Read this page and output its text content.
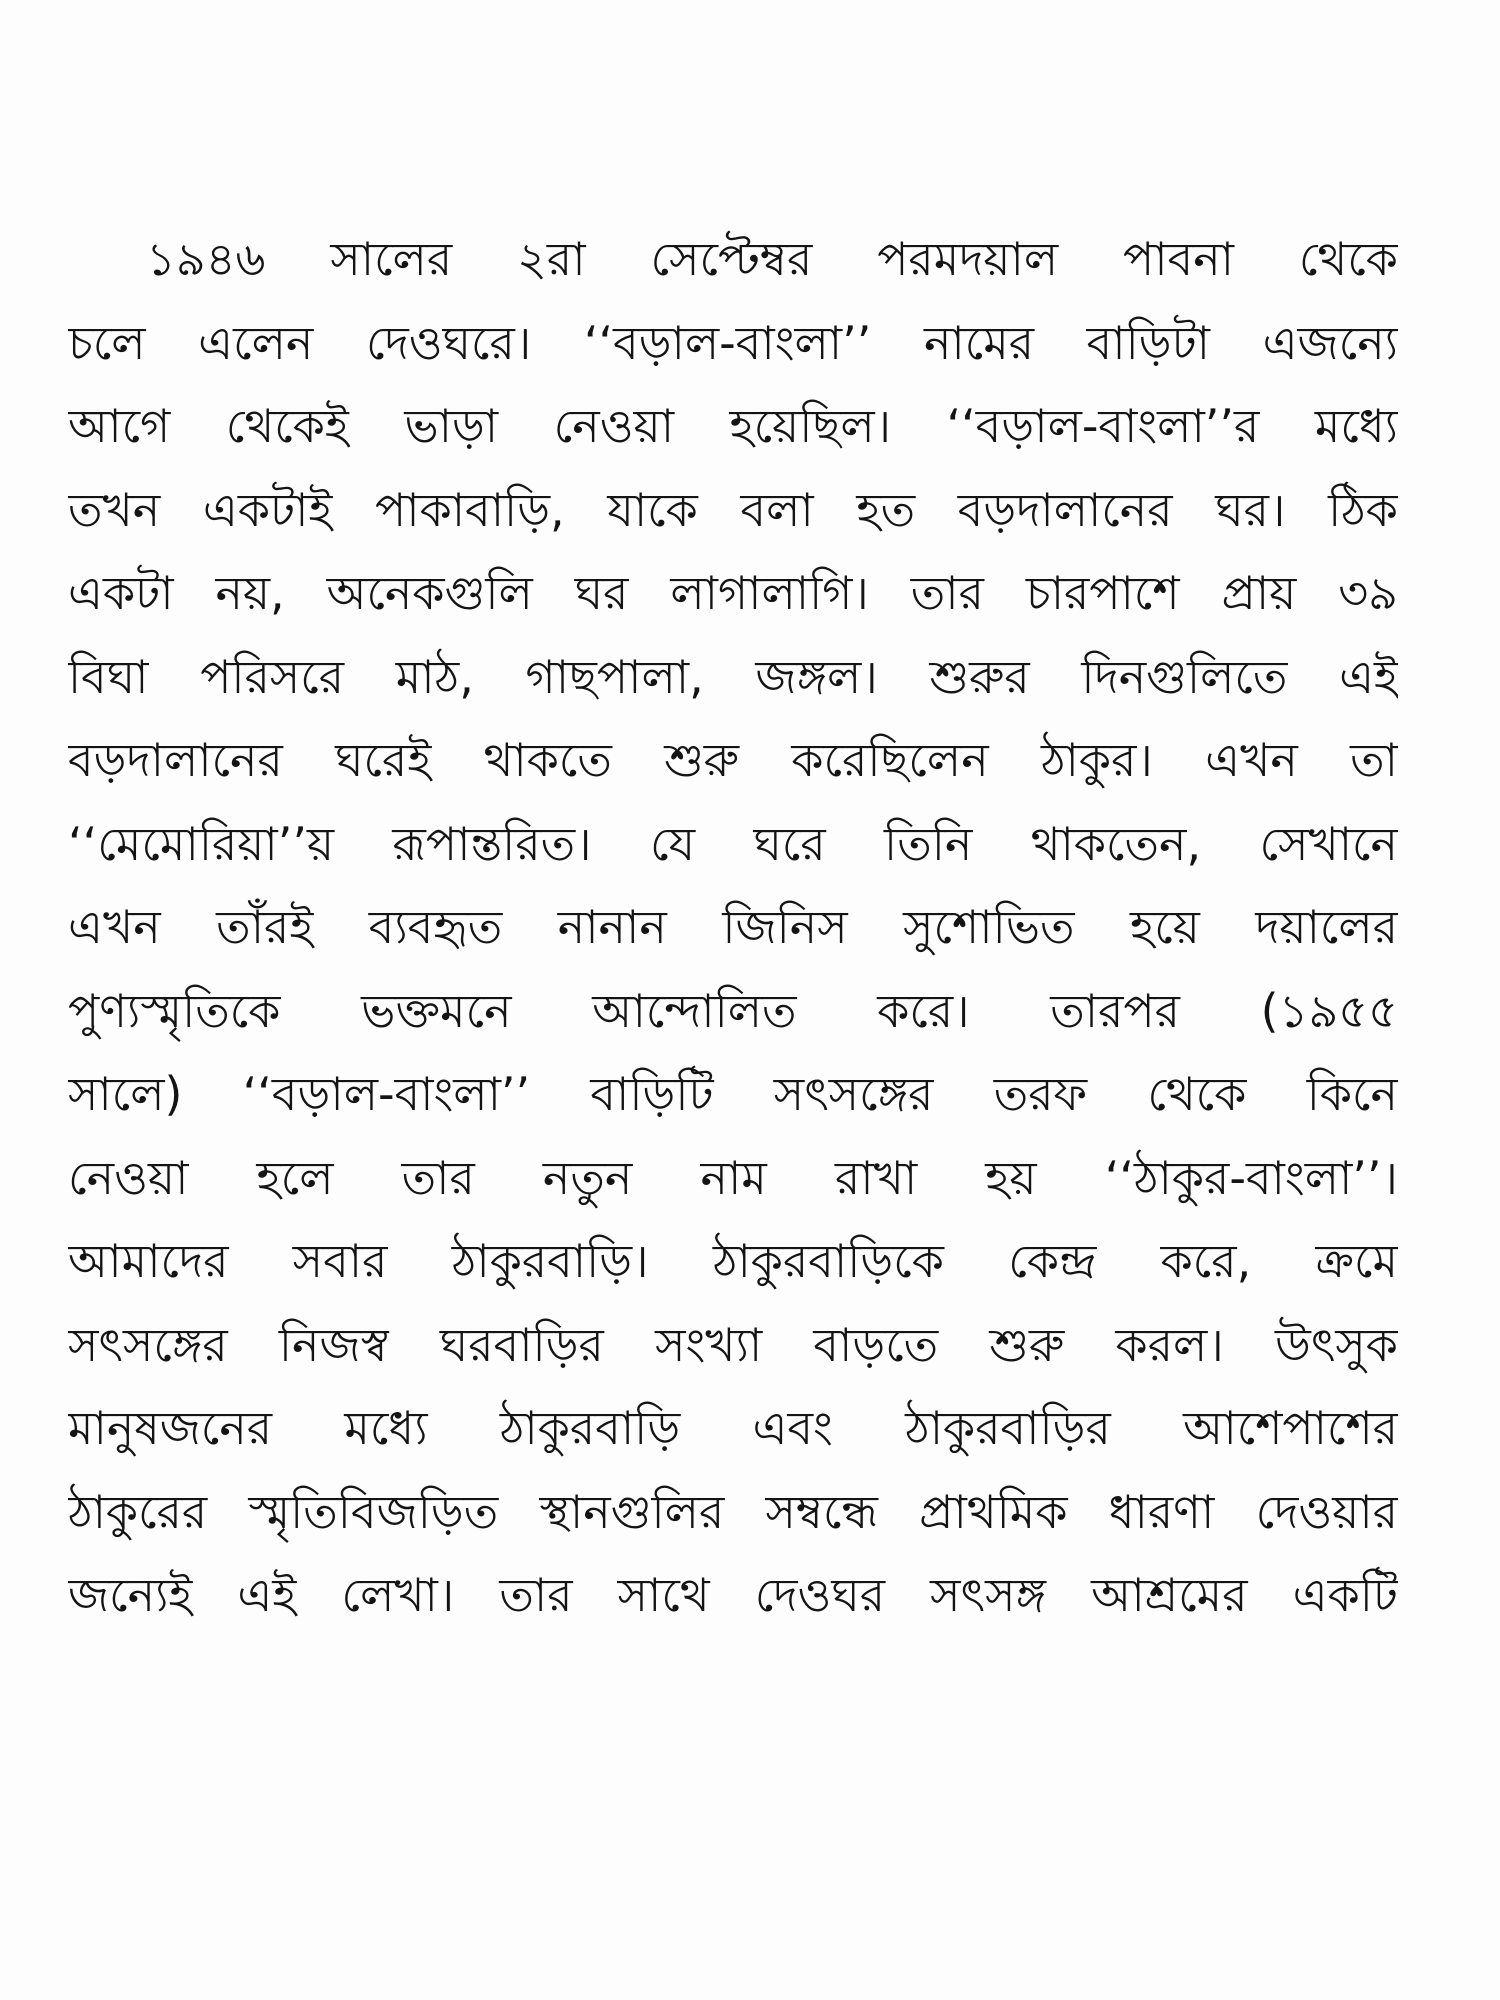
১৯৪৬ সালের ২রা সেপ্টেম্বর পরমদয়াল পাবনা থেকে
চলে এলেন দেওঘরে। ‘‘বড়াল-বাংলা’’ নামের বাড়িটা এজন্যে
আগে থেকেই ভাড়া নেওয়া হয়েছিল। ‘‘বড়াল-বাংলা’’র মধ্যে
তখন একটাই পাকাবাড়ি, যাকে বলা হত বড়দালানের ঘর। ঠিক
একটা নয়, অনেকগুলি ঘর লাগালাগি। তার চারপাশে প্রায় ৩৯
বিঘা পরিসরে মাঠ, গাছপালা, জঙ্গল। শুরুর দিনগুলিতে এই
বড়দালানের ঘরেই থাকতে শুরু করেছিলেন ঠাকুর। এখন তা
‘‘মেমোরিয়া’’য় রূপান্তরিত। যে ঘরে তিনি থাকতেন, সেখানে
এখন তাঁরই ব্যবহৃত নানান জিনিস সুশোভিত হয়ে দয়ালের
পুণ্যস্মৃতিকে ভক্তমনে আন্দোলিত করে। তারপর (১৯৫৫
সালে) ‘‘বড়াল-বাংলা’’ বাড়িটি সৎসঙ্গের তরফ থেকে কিনে
নেওয়া হলে তার নতুন নাম রাখা হয় ‘‘ঠাকুর-বাংলা’’।
আমাদের সবার ঠাকুরবাড়ি। ঠাকুরবাড়িকে কেন্দ্র করে, ক্রমে
সৎসঙ্গের নিজস্ব ঘরবাড়ির সংখ্যা বাড়তে শুরু করল। উৎসুক
মানুষজনের মধ্যে ঠাকুরবাড়ি এবং ঠাকুরবাড়ির আশেপাশের
ঠাকুরের স্মৃতিবিজড়িত স্থানগুলির সম্বন্ধে প্রাথমিক ধারণা দেওয়ার
জন্যেই এই লেখা। তার সাথে দেওঘর সৎসঙ্গ আশ্রমের একটি
